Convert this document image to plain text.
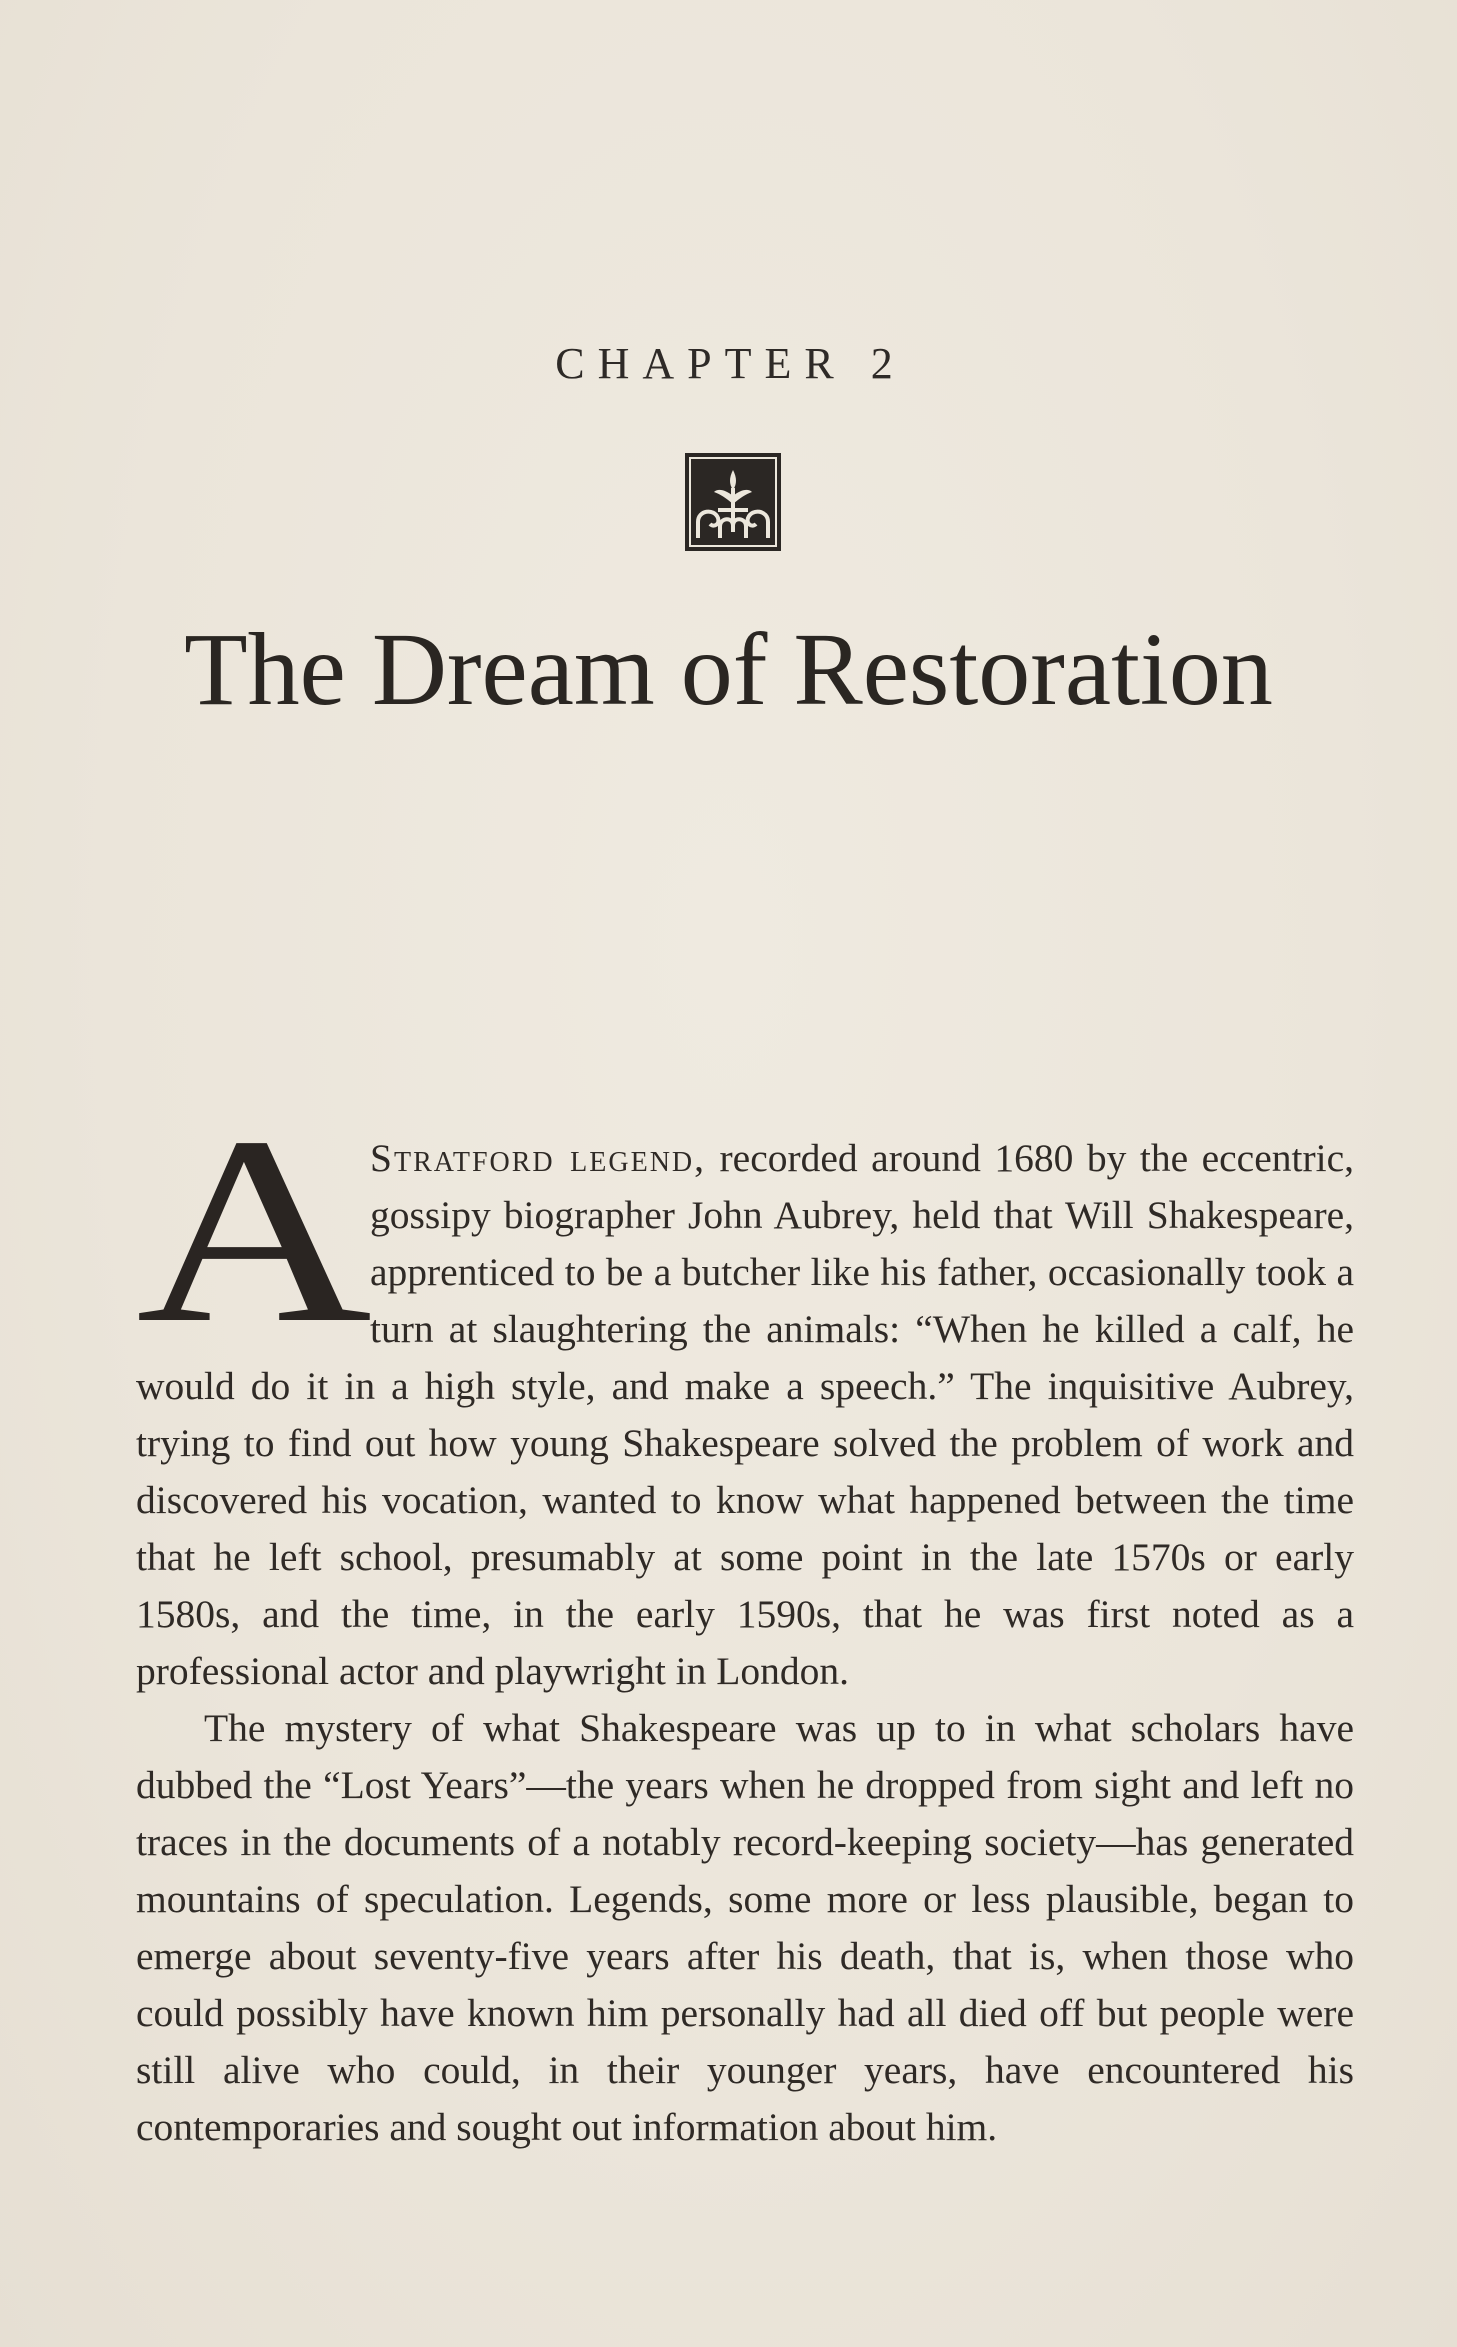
CHAPTER 2
The Dream of Restoration

A
Stratford legend, recorded around 1680 by the eccentric, gossipy biographer John Aubrey, held that Will Shakespeare, apprenticed to be a butcher like his father, occasionally took a turn at slaughtering the animals: “When he killed a calf, he would do it in a high style, and make a speech.” The inquisitive Aubrey, trying to find out how young Shakespeare solved the problem of work and discovered his vocation, wanted to know what happened between the time that he left school, presumably at some point in the late 1570s or early 1580s, and the time, in the early 1590s, that he was first noted as a professional actor and playwright in London.

The mystery of what Shakespeare was up to in what scholars have dubbed the “Lost Years”—the years when he dropped from sight and left no traces in the documents of a notably record-keeping society—has generated mountains of speculation. Legends, some more or less plausible, began to emerge about seventy-five years after his death, that is, when those who could possibly have known him personally had all died off but people were still alive who could, in their younger years, have encountered his contemporaries and sought out information about him.
